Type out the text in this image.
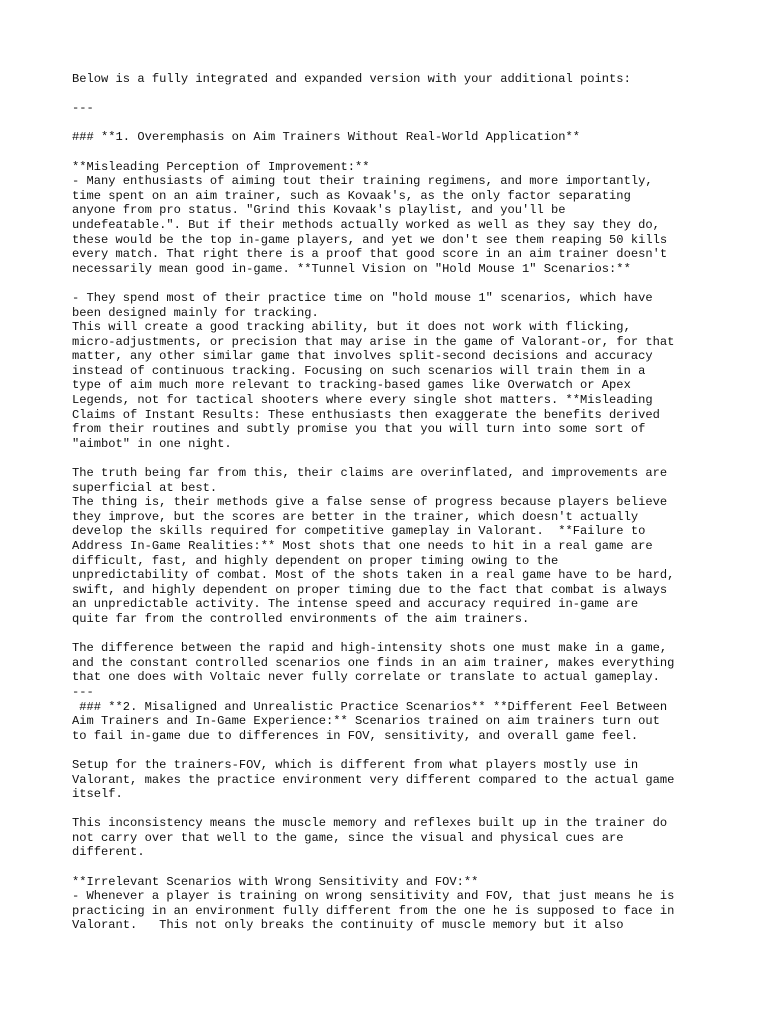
Below is a fully integrated and expanded version with your additional points:

---

### **1. Overemphasis on Aim Trainers Without Real-World Application**

**Misleading Perception of Improvement:**
- Many enthusiasts of aiming tout their training regimens, and more importantly,
time spent on an aim trainer, such as Kovaak's, as the only factor separating
anyone from pro status. "Grind this Kovaak's playlist, and you'll be
undefeatable.". But if their methods actually worked as well as they say they do,
these would be the top in-game players, and yet we don't see them reaping 50 kills
every match. That right there is a proof that good score in an aim trainer doesn't
necessarily mean good in-game. **Tunnel Vision on "Hold Mouse 1" Scenarios:**

- They spend most of their practice time on "hold mouse 1" scenarios, which have
been designed mainly for tracking.
This will create a good tracking ability, but it does not work with flicking,
micro-adjustments, or precision that may arise in the game of Valorant-or, for that
matter, any other similar game that involves split-second decisions and accuracy
instead of continuous tracking. Focusing on such scenarios will train them in a
type of aim much more relevant to tracking-based games like Overwatch or Apex
Legends, not for tactical shooters where every single shot matters. **Misleading
Claims of Instant Results: These enthusiasts then exaggerate the benefits derived
from their routines and subtly promise you that you will turn into some sort of
"aimbot" in one night.

The truth being far from this, their claims are overinflated, and improvements are
superficial at best.
The thing is, their methods give a false sense of progress because players believe
they improve, but the scores are better in the trainer, which doesn't actually
develop the skills required for competitive gameplay in Valorant.  **Failure to
Address In-Game Realities:** Most shots that one needs to hit in a real game are
difficult, fast, and highly dependent on proper timing owing to the
unpredictability of combat. Most of the shots taken in a real game have to be hard,
swift, and highly dependent on proper timing due to the fact that combat is always
an unpredictable activity. The intense speed and accuracy required in-game are
quite far from the controlled environments of the aim trainers.

The difference between the rapid and high-intensity shots one must make in a game,
and the constant controlled scenarios one finds in an aim trainer, makes everything
that one does with Voltaic never fully correlate or translate to actual gameplay.
---
### **2. Misaligned and Unrealistic Practice Scenarios** **Different Feel Between
Aim Trainers and In-Game Experience:** Scenarios trained on aim trainers turn out
to fail in-game due to differences in FOV, sensitivity, and overall game feel.

Setup for the trainers-FOV, which is different from what players mostly use in
Valorant, makes the practice environment very different compared to the actual game
itself.

This inconsistency means the muscle memory and reflexes built up in the trainer do
not carry over that well to the game, since the visual and physical cues are
different.

**Irrelevant Scenarios with Wrong Sensitivity and FOV:**
- Whenever a player is training on wrong sensitivity and FOV, that just means he is
practicing in an environment fully different from the one he is supposed to face in
Valorant.   This not only breaks the continuity of muscle memory but it also
